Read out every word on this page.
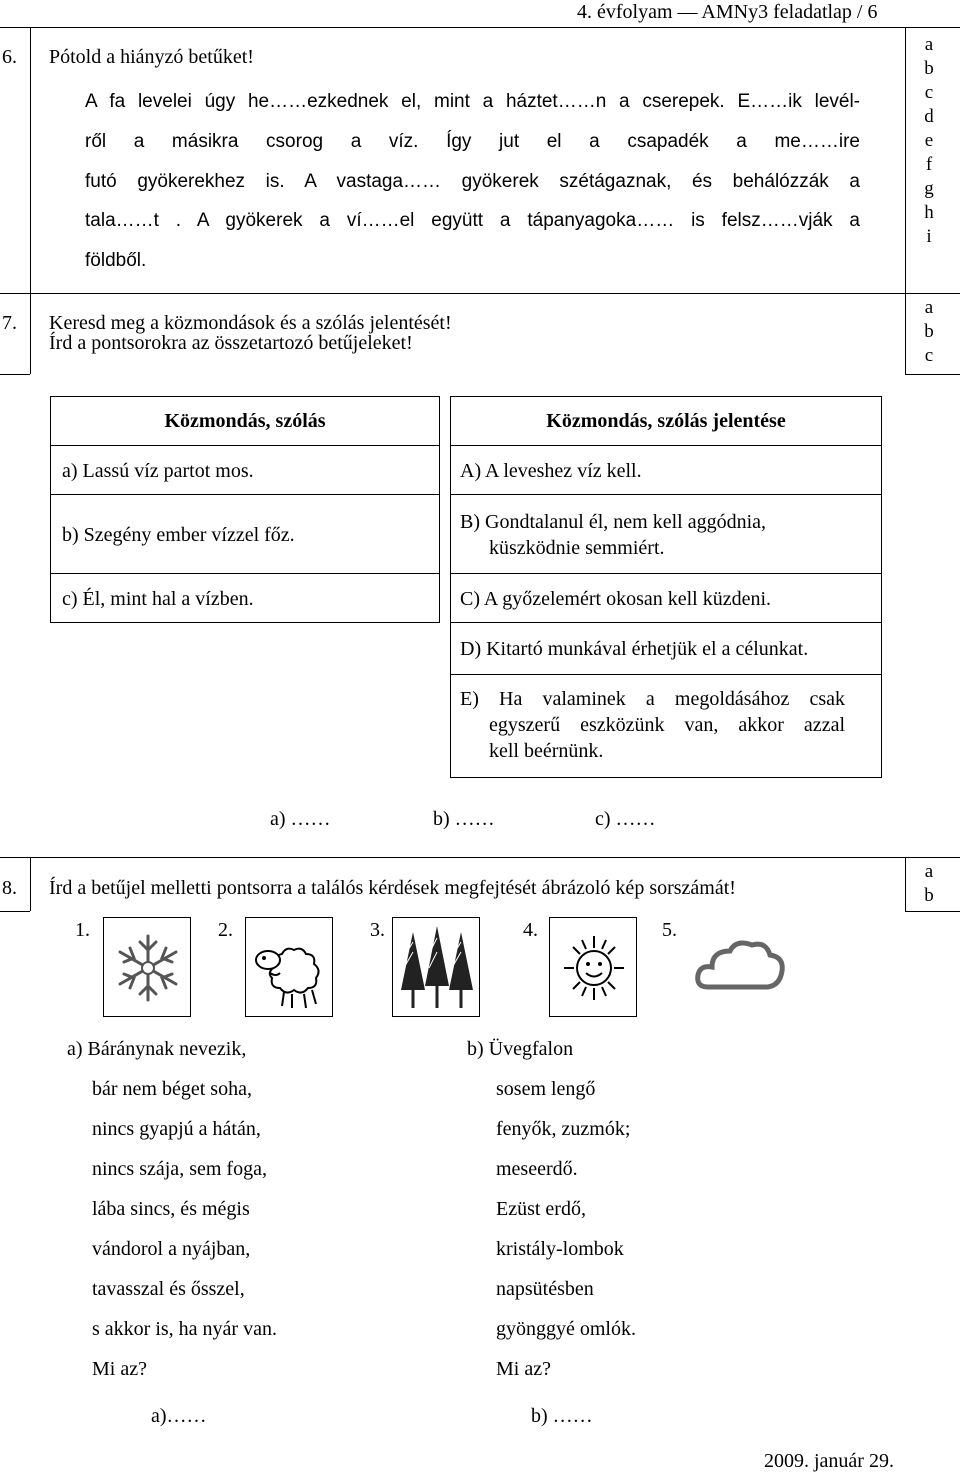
4. évfolyam — AMNy3 feladatlap / 6
6. Pótold a hiányzó betűket!
A fa levelei úgy he……ezkednek el, mint a háztet……n a cserepek. E……ik levél-
ről a másikra csorog a víz. Így jut el a csapadék a me……ire
futó gyökerekhez is. A vastaga…… gyökerek szétágaznak, és behálózzák a
tala……t . A gyökerek a ví……el együtt a tápanyagoka…… is felsz……vják a
földből.
a
b
c
d
e
f
g
h
i
7. Keresd meg a közmondások és a szólás jelentését!
Írd a pontsorokra az összetartozó betűjeleket!
a
b
c
Közmondás, szólás
a) Lassú víz partot mos.
b) Szegény ember vízzel főz.
c) Él, mint hal a vízben.
Közmondás, szólás jelentése
A) A leveshez víz kell.
B) Gondtalanul él, nem kell aggódnia,
küszködnie semmiért.
C) A győzelemért okosan kell küzdeni.
D) Kitartó munkával érhetjük el a célunkat.
E) Ha valaminek a megoldásához csak
egyszerű eszközünk van, akkor azzal
kell beérnünk.
a) ……	b) ……	c) ……
8. Írd a betűjel melletti pontsorra a találós kérdések megfejtését ábrázoló kép sorszámát!
a
b
1.	2.	3.	4.	5.
a) Báránynak nevezik,
bár nem béget soha,
nincs gyapjú a hátán,
nincs szája, sem foga,
lába sincs, és mégis
vándorol a nyájban,
tavasszal és ősszel,
s akkor is, ha nyár van.
Mi az?
b) Üvegfalon
sosem lengő
fenyők, zuzmók;
meseerdő.
Ezüst erdő,
kristály-lombok
napsütésben
gyönggyé omlók.
Mi az?
a)……	b) ……
2009. január 29.
